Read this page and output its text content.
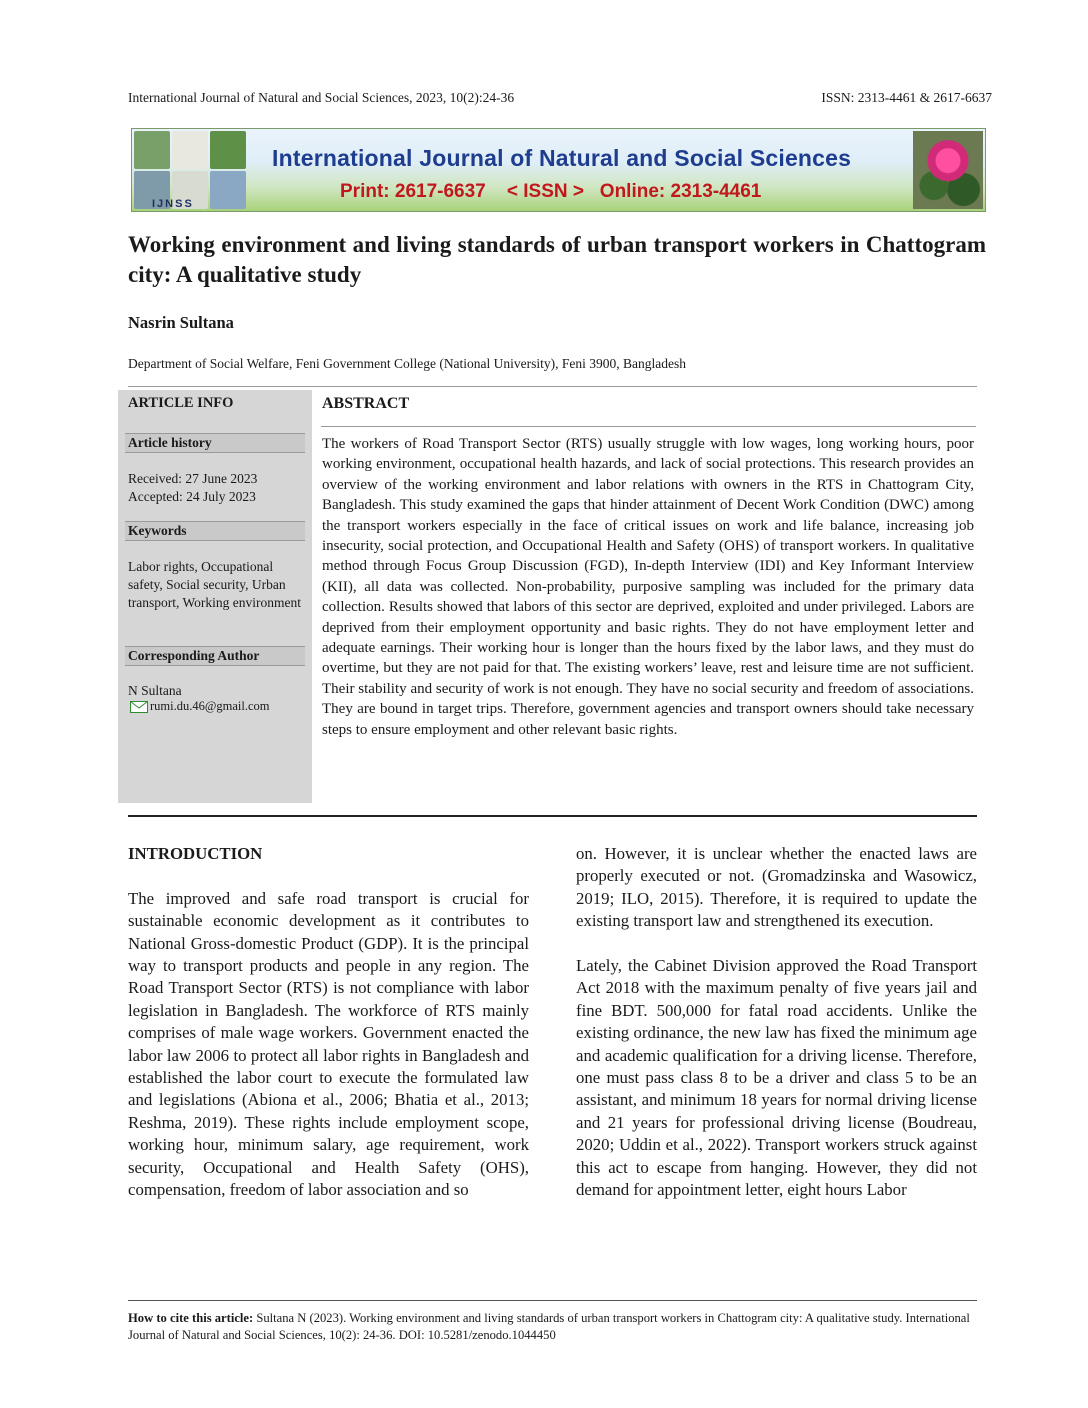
International Journal of Natural and Social Sciences, 2023, 10(2):24-36	ISSN: 2313-4461 & 2617-6637
IJNSS
International Journal of Natural and Social Sciences
Print: 2617-6637    < ISSN >   Online: 2313-4461
Working environment and living standards of urban transport workers in Chattogram city: A qualitative study
Nasrin Sultana
Department of Social Welfare, Feni Government College (National University), Feni 3900, Bangladesh
ARTICLE INFO
Article history
Received: 27 June 2023
Accepted: 24 July 2023
Keywords
Labor rights, Occupational safety, Social security, Urban transport, Working environment
Corresponding Author
N Sultana
rumi.du.46@gmail.com
ABSTRACT
The workers of Road Transport Sector (RTS) usually struggle with low wages, long working hours, poor working environment, occupational health hazards, and lack of social protections. This research provides an overview of the working environment and labor relations with owners in the RTS in Chattogram City, Bangladesh. This study examined the gaps that hinder attainment of Decent Work Condition (DWC) among the transport workers especially in the face of critical issues on work and life balance, increasing job insecurity, social protection, and Occupational Health and Safety (OHS) of transport workers. In qualitative method through Focus Group Discussion (FGD), In-depth Interview (IDI) and Key Informant Interview (KII), all data was collected. Non-probability, purposive sampling was included for the primary data collection. Results showed that labors of this sector are deprived, exploited and under privileged. Labors are deprived from their employment opportunity and basic rights. They do not have employment letter and adequate earnings. Their working hour is longer than the hours fixed by the labor laws, and they must do overtime, but they are not paid for that. The existing workers’ leave, rest and leisure time are not sufficient. Their stability and security of work is not enough. They have no social security and freedom of associations. They are bound in target trips. Therefore, government agencies and transport owners should take necessary steps to ensure employment and other relevant basic rights.
INTRODUCTION

The improved and safe road transport is crucial for sustainable economic development as it contributes to National Gross-domestic Product (GDP). It is the principal way to transport products and people in any region. The Road Transport Sector (RTS) is not compliance with labor legislation in Bangladesh. The workforce of RTS mainly comprises of male wage workers. Government enacted the labor law 2006 to protect all labor rights in Bangladesh and established the labor court to execute the formulated law and legislations (Abiona et al., 2006; Bhatia et al., 2013; Reshma, 2019). These rights include employment scope, working hour, minimum salary, age requirement, work security, Occupational and Health Safety (OHS), compensation, freedom of labor association and so

on. However, it is unclear whether the enacted laws are properly executed or not. (Gromadzinska and Wasowicz, 2019; ILO, 2015). Therefore, it is required to update the existing transport law and strengthened its execution.

Lately, the Cabinet Division approved the Road Transport Act 2018 with the maximum penalty of five years jail and fine BDT. 500,000 for fatal road accidents. Unlike the existing ordinance, the new law has fixed the minimum age and academic qualification for a driving license. Therefore, one must pass class 8 to be a driver and class 5 to be an assistant, and minimum 18 years for normal driving license and 21 years for professional driving license (Boudreau, 2020; Uddin et al., 2022). Transport workers struck against this act to escape from hanging. However, they did not demand for appointment letter, eight hours Labor

How to cite this article: Sultana N (2023). Working environment and living standards of urban transport workers in Chattogram city: A qualitative study. International Journal of Natural and Social Sciences, 10(2): 24-36. DOI: 10.5281/zenodo.1044450
